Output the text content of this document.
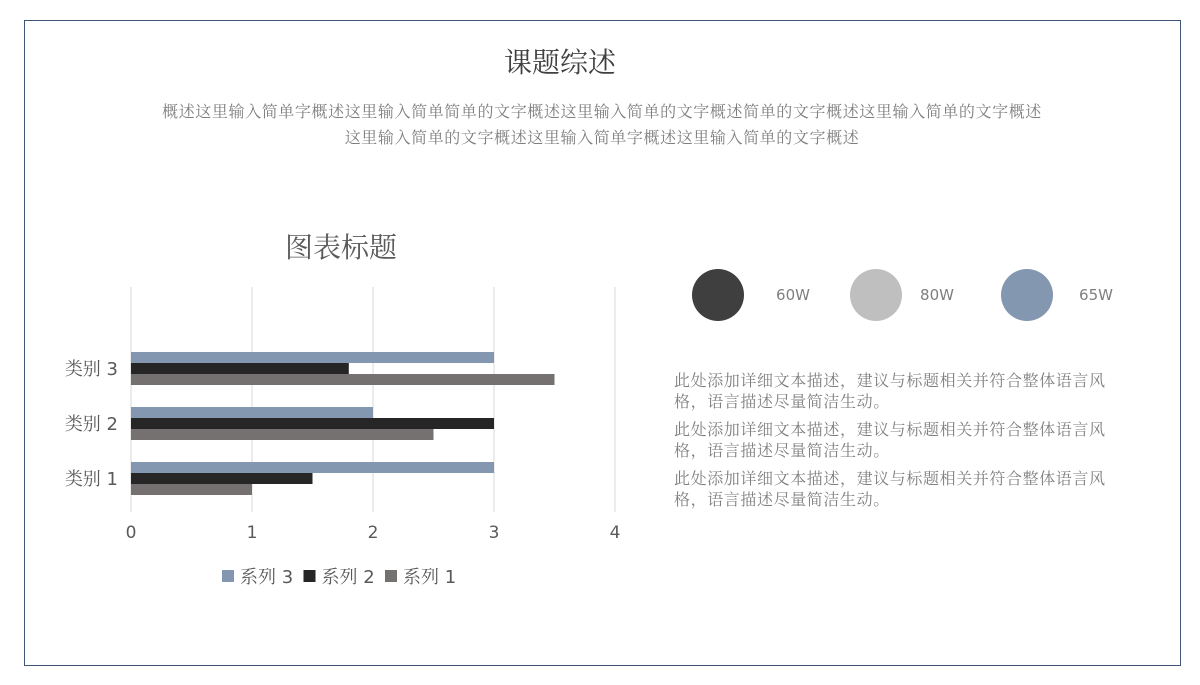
课题综述
概述这里输入简单字概述这里输入简单简单的文字概述这里输入简单的文字概述简单的文字概述这里输入简单的文字概述
这里输入简单的文字概述这里输入简单字概述这里输入简单的文字概述
图表标题
类别 1
类别 2
类别 3
0	1	2	3	4
系列 3 系列 2 系列 1
60W	80W	65W

此处添加详细文本描述，建议与标题相关并符合整体语言风格，语言描述尽量简洁生动。

此处添加详细文本描述，建议与标题相关并符合整体语言风格，语言描述尽量简洁生动。

此处添加详细文本描述，建议与标题相关并符合整体语言风格，语言描述尽量简洁生动。
